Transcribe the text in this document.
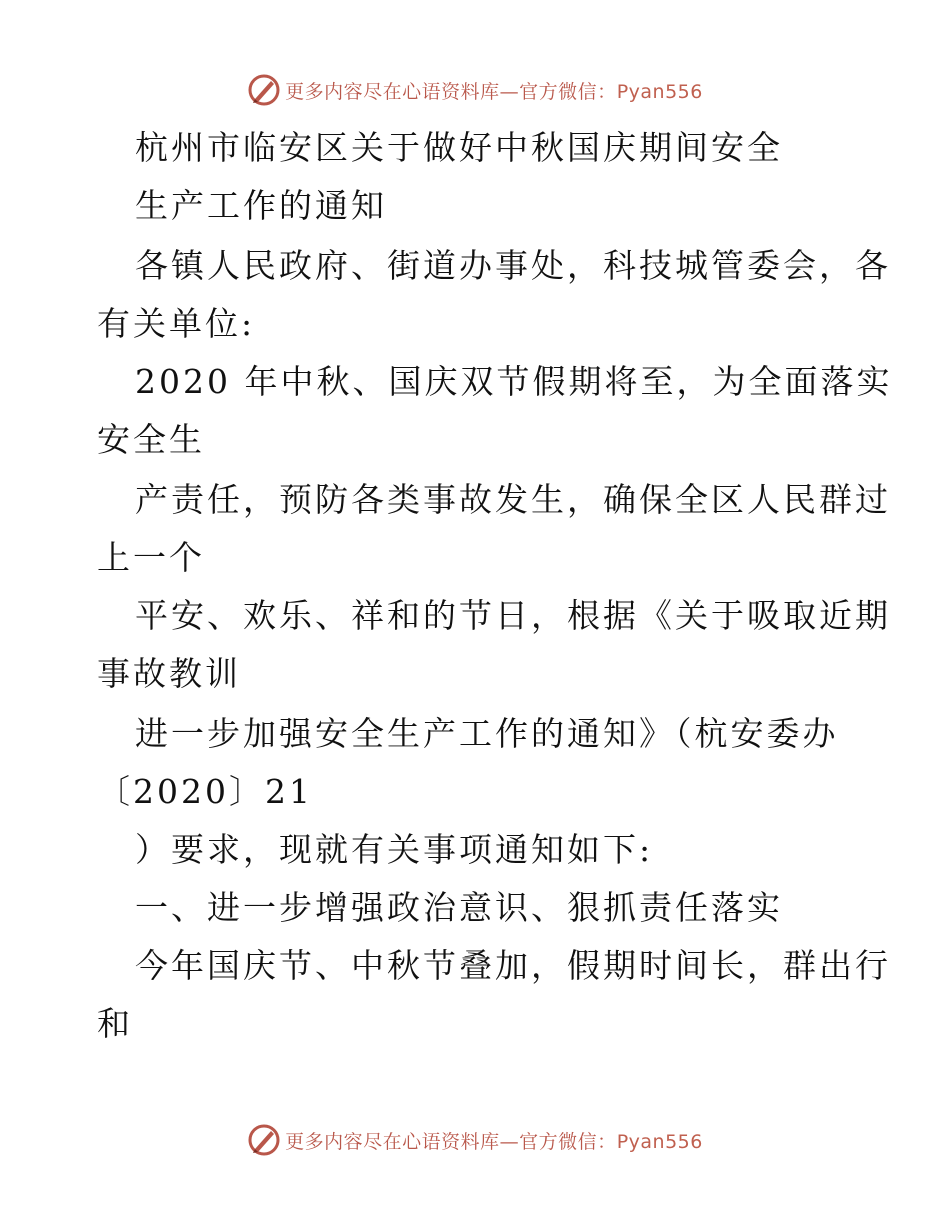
更多内容尽在心语资料库—官方微信：Pyan556
杭州市临安区关于做好中秋国庆期间安全
生产工作的通知
各镇人民政府、街道办事处，科技城管委会，各
有关单位:
2020 年中秋、国庆双节假期将至，为全面落实
安全生
产责任，预防各类事故发生，确保全区人民群过
上一个
平安、欢乐、祥和的节日，根据《关于吸取近期
事故教训
进一步加强安全生产工作的通知》（杭安委办
〔2020〕21
）要求，现就有关事项通知如下:
一、进一步增强政治意识、狠抓责任落实
今年国庆节、中秋节叠加，假期时间长，群出行
和
更多内容尽在心语资料库—官方微信：Pyan556
